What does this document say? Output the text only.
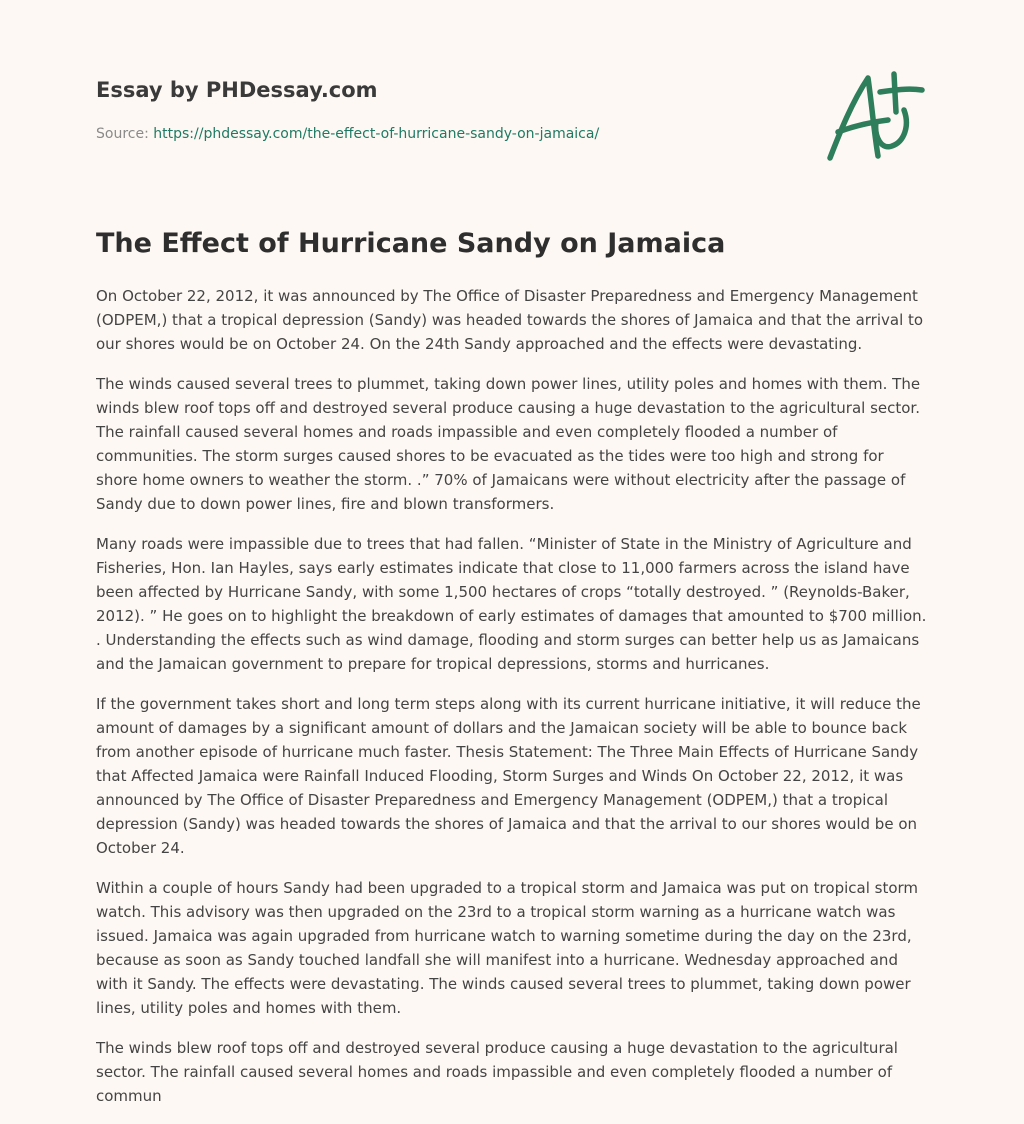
Essay by PHDessay.com
Source: https://phdessay.com/the-effect-of-hurricane-sandy-on-jamaica/
The Effect of Hurricane Sandy on Jamaica

On October 22, 2012, it was announced by The Office of Disaster Preparedness and Emergency Management (ODPEM,) that a tropical depression (Sandy) was headed towards the shores of Jamaica and that the arrival to our shores would be on October 24. On the 24th Sandy approached and the effects were devastating.

The winds caused several trees to plummet, taking down power lines, utility poles and homes with them. The winds blew roof tops off and destroyed several produce causing a huge devastation to the agricultural sector. The rainfall caused several homes and roads impassible and even completely flooded a number of communities. The storm surges caused shores to be evacuated as the tides were too high and strong for shore home owners to weather the storm. .” 70% of Jamaicans were without electricity after the passage of Sandy due to down power lines, fire and blown transformers.

Many roads were impassible due to trees that had fallen. “Minister of State in the Ministry of Agriculture and Fisheries, Hon. Ian Hayles, says early estimates indicate that close to 11,000 farmers across the island have been affected by Hurricane Sandy, with some 1,500 hectares of crops “totally destroyed. ” (Reynolds-Baker, 2012). ” He goes on to highlight the breakdown of early estimates of damages that amounted to $700 million. . Understanding the effects such as wind damage, flooding and storm surges can better help us as Jamaicans and the Jamaican government to prepare for tropical depressions, storms and hurricanes.

If the government takes short and long term steps along with its current hurricane initiative, it will reduce the amount of damages by a significant amount of dollars and the Jamaican society will be able to bounce back from another episode of hurricane much faster. Thesis Statement: The Three Main Effects of Hurricane Sandy that Affected Jamaica were Rainfall Induced Flooding, Storm Surges and Winds On October 22, 2012, it was announced by The Office of Disaster Preparedness and Emergency Management (ODPEM,) that a tropical depression (Sandy) was headed towards the shores of Jamaica and that the arrival to our shores would be on October 24.

Within a couple of hours Sandy had been upgraded to a tropical storm and Jamaica was put on tropical storm watch. This advisory was then upgraded on the 23rd to a tropical storm warning as a hurricane watch was issued. Jamaica was again upgraded from hurricane watch to warning sometime during the day on the 23rd, because as soon as Sandy touched landfall she will manifest into a hurricane. Wednesday approached and with it Sandy. The effects were devastating. The winds caused several trees to plummet, taking down power lines, utility poles and homes with them.

The winds blew roof tops off and destroyed several produce causing a huge devastation to the agricultural sector. The rainfall caused several homes and roads impassible and even completely flooded a number of commun
